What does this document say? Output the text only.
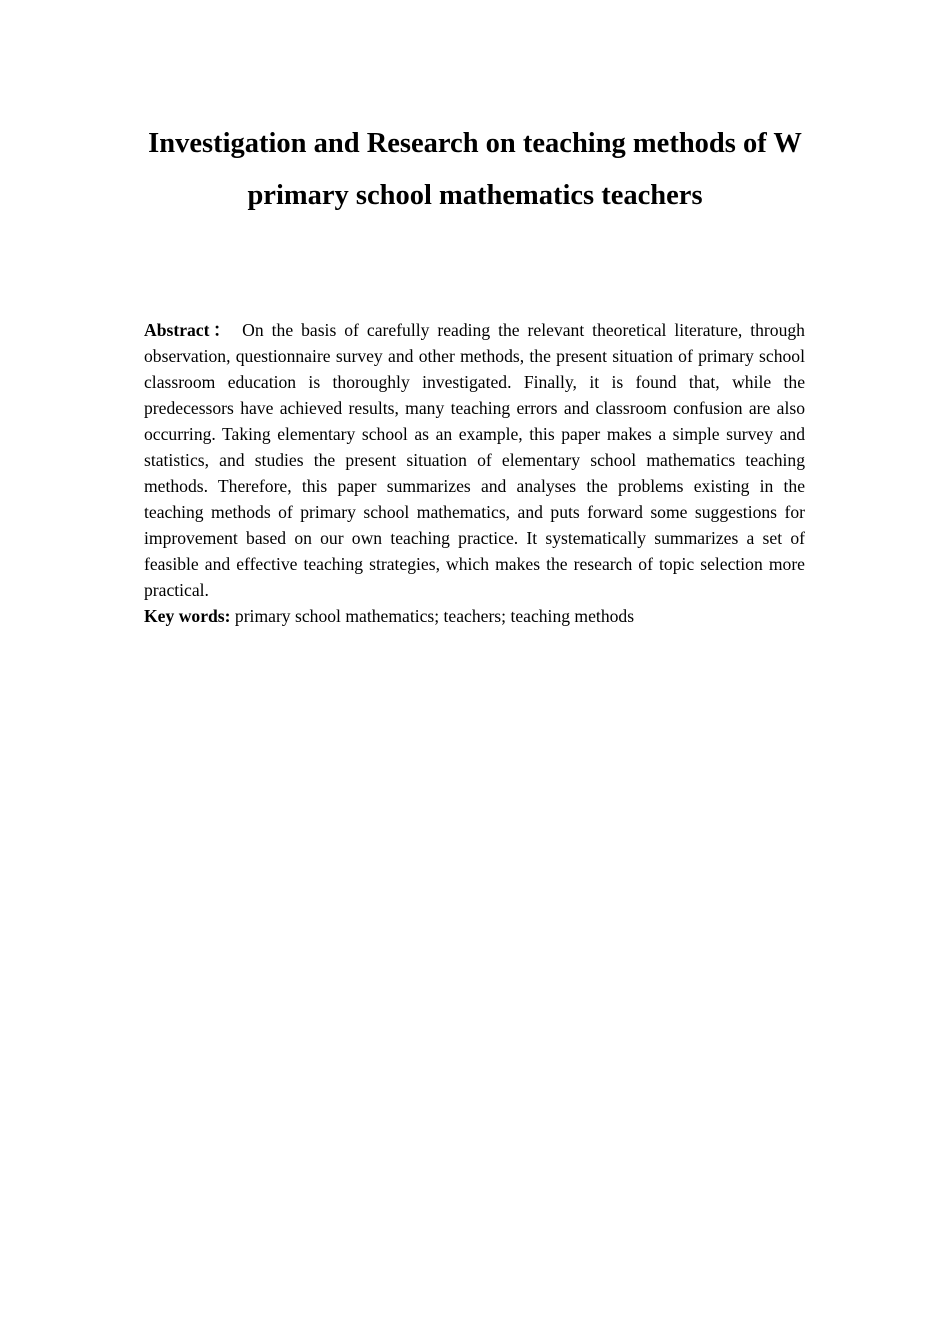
Investigation and Research on teaching methods of W primary school mathematics teachers

Abstract： On the basis of carefully reading the relevant theoretical literature, through observation, questionnaire survey and other methods, the present situation of primary school classroom education is thoroughly investigated. Finally, it is found that, while the predecessors have achieved results, many teaching errors and classroom confusion are also occurring. Taking elementary school as an example, this paper makes a simple survey and statistics, and studies the present situation of elementary school mathematics teaching methods. Therefore, this paper summarizes and analyses the problems existing in the teaching methods of primary school mathematics, and puts forward some suggestions for improvement based on our own teaching practice. It systematically summarizes a set of feasible and effective teaching strategies, which makes the research of topic selection more practical.

Key words: primary school mathematics; teachers; teaching methods
